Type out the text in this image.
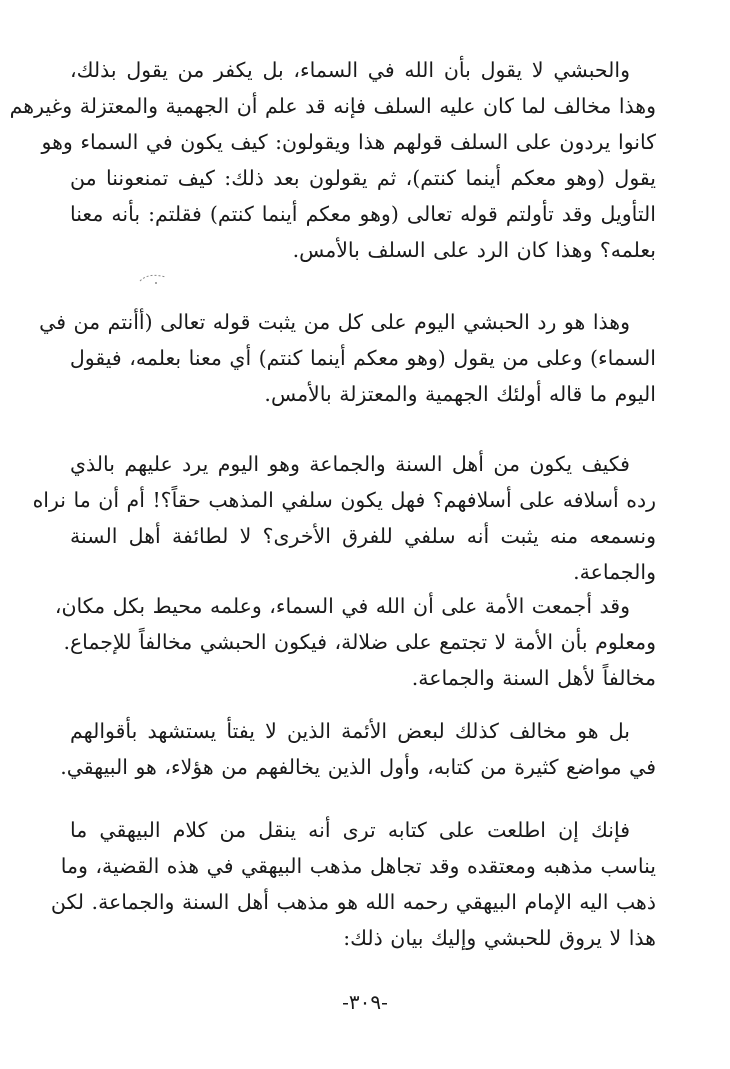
والحبشي لا يقول بأن الله في السماء، بل يكفر من يقول بذلك،
وهذا مخالف لما كان عليه السلف فإنه قد علم أن الجهمية والمعتزلة وغيرهم
كانوا يردون على السلف قولهم هذا ويقولون: كيف يكون في السماء وهو
يقول (وهو معكم أينما كنتم)، ثم يقولون بعد ذلك: كيف تمنعوننا من
التأويل وقد تأولتم قوله تعالى (وهو معكم أينما كنتم) فقلتم: بأنه معنا
بعلمه؟ وهذا كان الرد على السلف بالأمس.
وهذا هو رد الحبشي اليوم على كل من يثبت قوله تعالى (أأنتم من في
السماء) وعلى من يقول (وهو معكم أينما كنتم) أي معنا بعلمه، فيقول
اليوم ما قاله أولئك الجهمية والمعتزلة بالأمس.
فكيف يكون من أهل السنة والجماعة وهو اليوم يرد عليهم بالذي
رده أسلافه على أسلافهم؟ فهل يكون سلفي المذهب حقاً؟! أم أن ما نراه
ونسمعه منه يثبت أنه سلفي للفرق الأخرى؟ لا لطائفة أهل السنة
والجماعة.
وقد أجمعت الأمة على أن الله في السماء، وعلمه محيط بكل مكان،
ومعلوم بأن الأمة لا تجتمع على ضلالة، فيكون الحبشي مخالفاً للإجماع.
مخالفاً لأهل السنة والجماعة.
بل هو مخالف كذلك لبعض الأئمة الذين لا يفتأ يستشهد بأقوالهم
في مواضع كثيرة من كتابه، وأول الذين يخالفهم من هؤلاء، هو البيهقي.
فإنك إن اطلعت على كتابه ترى أنه ينقل من كلام البيهقي ما
يناسب مذهبه ومعتقده وقد تجاهل مذهب البيهقي في هذه القضية، وما
ذهب اليه الإمام البيهقي رحمه الله هو مذهب أهل السنة والجماعة. لكن
هذا لا يروق للحبشي وإليك بيان ذلك:
-٣٠٩-
